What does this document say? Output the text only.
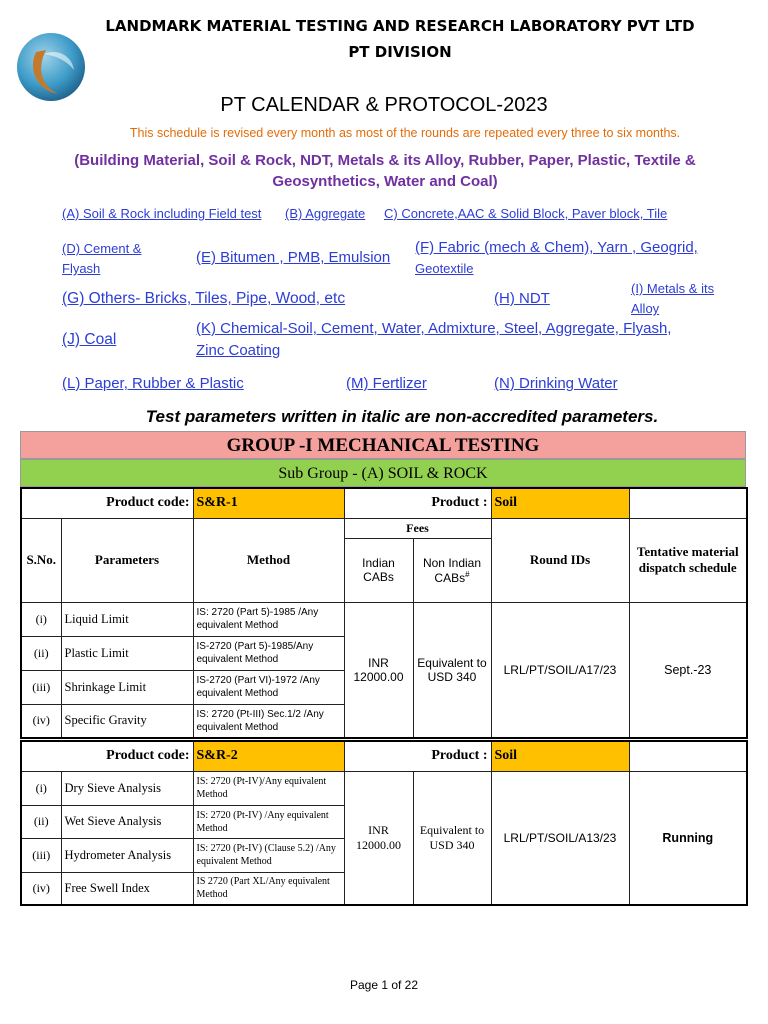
LANDMARK MATERIAL TESTING AND RESEARCH LABORATORY PVT LTD
PT DIVISION
PT CALENDAR & PROTOCOL-2023
This schedule is revised every month as most of the rounds are repeated every three to six months.
(Building Material, Soil & Rock, NDT, Metals & its Alloy, Rubber, Paper, Plastic, Textile & Geosynthetics, Water and Coal)
(A) Soil & Rock including Field test (B) Aggregate C) Concrete,AAC & Solid Block, Paver block, Tile
(D) Cement &
Flyash
(E) Bitumen , PMB, Emulsion
(F) Fabric (mech & Chem), Yarn , Geogrid,
Geotextile
(G) Others- Bricks, Tiles, Pipe, Wood, etc	(H) NDT
(I) Metals & its
Alloy
(J) Coal
(K) Chemical-Soil, Cement, Water, Admixture, Steel, Aggregate, Flyash,
Zinc Coating
(L) Paper, Rubber & Plastic	(M) Fertlizer	(N) Drinking Water
Test parameters written in italic are non-accredited parameters.
GROUP -I MECHANICAL TESTING
Sub Group - (A) SOIL & ROCK
Product code:		S&R-1	Product :		Soil	
S.No.	Parameters	Method	Fees		Round IDs	Tentative material dispatch schedule
			Indian CABs	Non Indian CABs#
(i)	Liquid Limit	IS: 2720 (Part 5)-1985 /Any equivalent Method	INR 12000.00	Equivalent to USD 340	LRL/PT/SOIL/A17/23	Sept.-23
(ii)	Plastic Limit	IS-2720 (Part 5)-1985/Any equivalent Method				
(iii)	Shrinkage Limit	IS-2720 (Part VI)-1972 /Any equivalent Method				
(iv)	Specific Gravity	IS: 2720 (Pt-III) Sec.1/2 /Any equivalent Method				
Product code:		S&R-2	Product :		Soil	
(i)	Dry Sieve Analysis	IS: 2720 (Pt-IV)/Any equivalent Method	INR 12000.00	Equivalent to USD 340	LRL/PT/SOIL/A13/23	Running
(ii)	Wet Sieve Analysis	IS: 2720 (Pt-IV) /Any equivalent Method				
(iii)	Hydrometer Analysis	IS: 2720 (Pt-IV) (Clause 5.2) /Any equivalent Method				
(iv)	Free Swell Index	IS 2720 (Part XL/Any equivalent Method				
Page 1 of 22
